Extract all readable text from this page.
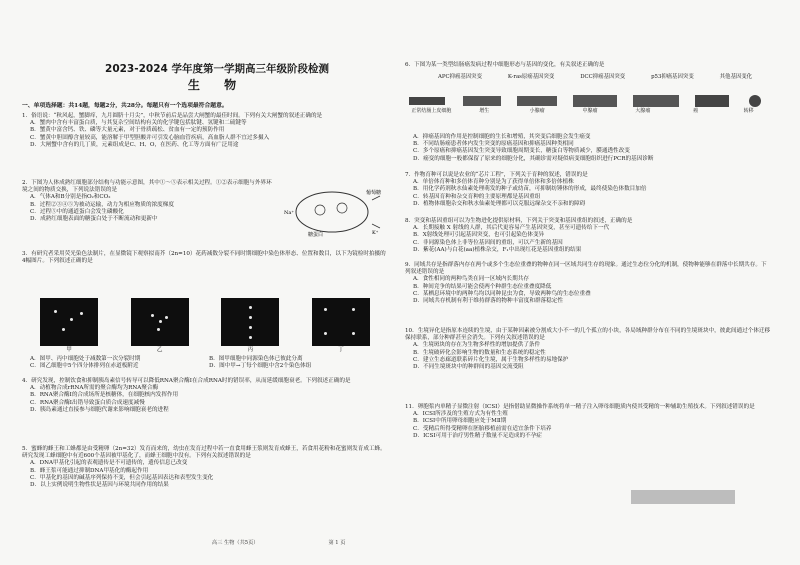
2023-2024 学年度第一学期高三年级阶段检测
生 物
一、单项选择题：共14题，每题2分，共28分。每题只有一个选项最符合题意。
1．俗语说：“秋风起，蟹脚痒，九月圆脐十月尖”，中秋节前后是品尝大闸蟹的最佳时间。下列有关大闸蟹的叙述正确的是
A．蟹肉中含有丰富蛋白质，与其复杂空间结构有关的化学键包括肽键、氢键和二硫键等
B．蟹黄中富含钙、铁、磷等大量元素，对于骨质疏松、贫血有一定的预防作用
C．蟹黄中胆固醇含量较高，能溶解于甲型胆酸并可引发心脑血管疾病，高血脂人群不宜过多摄入
D．大闸蟹中含有的几丁质，元素组成是C、H、O，在医药、化工等方面有广泛用途
2．下图为人体成熟红细胞部分结构与功能示意图，其中①～⑤表示相关过程。①②表示细胞与外界环境之间的物质交换，下列说法错误的是
A．气体A和B分别是指O₂和CO₂
B．过程②③④⑤为被动运输，动力为相应物质的浓度梯度
C．过程⑤中的通道蛋白会发生磷酸化
D．成熟红细胞表面的糖蛋白处于不断流动和更新中
葡萄糖
糖蛋白	K⁺
Na⁺
3．有研究者采用荧光染色法制片，在显微镜下观察拟南芥（2n=10）花药减数分裂不同时期细胞中染色体形态、位置和数目，以下为镜检时拍摄的4幅图片。下列叙述正确的是
甲	乙	丙	丁
A．图甲、丙中细胞处于减数第一次分裂时期	B．图甲细胞中同源染色体已彼此分离
C．图乙细胞中5个四分体排列在赤道板附近	D．图中甲→丁每个细胞中含2个染色体组
4．研究发现，控制饮食和抑制胰岛素信号转导可以降低RNA聚合酶I在合成RNA时的错误率，从而延缓细胞衰老。下列叙述正确的是
A．动植物合成rRNA所需的聚合酶均为RNA聚合酶
B．RNA聚合酶I的合成场所是核糖体，在细胞核内发挥作用
C．RNA聚合酶I出错导致蛋白质合成速度减慢
D．胰岛素通过直接参与细胞代谢来影响细胞衰老的进程
5．蜜蜂的蜂王和工蜂都是由受精卵（2n=32）发育而来的，幼虫在发育过程中若一直食用蜂王浆则发育成蜂王，若食用花粉和花蜜则发育成工蜂。研究发现工蜂细胞中有近600个基因被甲基化了，而蜂王细胞中没有。下列有关叙述错误的是
A．DNA甲基化引起的表观遗传是不可遗传的，遗传信息已改变
B．蜂王浆可能通过抑制DNA甲基化的酶起作用
C．甲基化的基因的碱基序列保持不变，但会引起基因表达和表型发生变化
D．以上实例说明生物性状是基因与环境共同作用的结果
高三 生物（共5页）　　　　　　　　　　　　　　第 1 页
6．下图为某一类型结肠癌发病过程中细胞形态与基因的变化，有关叙述正确的是
APC抑癌基因突变	K-ras原癌基因突变	DCC抑癌基因突变	p53抑癌基因突变	其他基因变化
正常结肠上皮细胞	增生	小腺瘤	中腺瘤	大腺瘤	癌	转移
A．抑癌基因的作用是控制细胞的生长和增殖，其突变后细胞会发生癌变
B．不同结肠癌患者体内发生突变的原癌基因和抑癌基因种类相同
C．多个原癌和抑癌基因发生突变导致细胞周期变长，糖蛋白等物质减少，膜通透性改变
D．癌变的细胞一般都保留了原来的细胞分化，其确诊需对疑似病变细胞组织进行PCR的基因诊断
7．作物育种可以说是农业的“芯片工程”，下列关于育种的叙述，错误的是
A．单倍体育种和多倍体育种分别是为了获得单倍体和多倍体植株
B．用化学药剂秋水仙素处理萌发的种子或幼苗，可抑制纺锤体的形成，最终使染色体数目加倍
C．转基因育种和杂交育种的主要原理都是基因重组
D．植物体细胞杂交和秋水仙素处理都可以克服远缘杂交不亲和的障碍
8．突变和基因重组可以为生物进化提供原材料，下列关于突变和基因重组的叙述，正确的是
A．长期接触 X 射线的人群，其后代更容易产生基因突变，甚至可遗传给下一代
B．X射线处理可引起基因突变，也可引起染色体变异
C．非同源染色体上非等位基因间的重组，可以产生新的基因
D．紫花(AA)与白花(aa)植株杂交，F₁中出现红花是基因重组的结果
9．同域共存是指群落内存在两个或多个生态位重叠的物种在同一区域共同生存的现象。通过生态位分化的机制，使物种能够在群落中长期共存。下列叙述错误的是
A．食性相同的两种鸟类在同一区域内长期共存
B．种间竞争的结果可能会使两个种群生态位重叠度降低
C．某栖息环境中的两种鸟均以同种昆虫为食，导致两种鸟的生态位重叠
D．同域共存机制有利于维持群落的物种丰富度和群落稳定性
10．生境异化是指原本连续的生境，由于某种因素被分割成大小不一的几个孤立的小块，各局域种群分布在不同的生境斑块中，彼此间通过个体迁移保持联系，部分种群甚至会消失。下列有关叙述错误的是
A．生境斑块的存在为生物多样性的增加提供了条件
B．生境破碎化会影响生物的数量和生态系统的稳定性
C．建立生态廊道联系碎片化生境，属于生物多样性的易地保护
D．不同生境斑块中的种群间的基因交流受阻
11．卵胞浆内单精子显微注射（ICSI）是指借助显微操作系统将单一精子注入卵母细胞质内使其受精的一种辅助生殖技术。下列叙述错误的是
A．ICSI所涉及的生殖方式为有性生殖
B．ICSI中所用卵母细胞应处于MⅡ期
C．受精后所得受精卵在胚胎移植前需在适宜条件下培养
D．ICSI可用于治疗男性精子数量不足造成的不孕症
